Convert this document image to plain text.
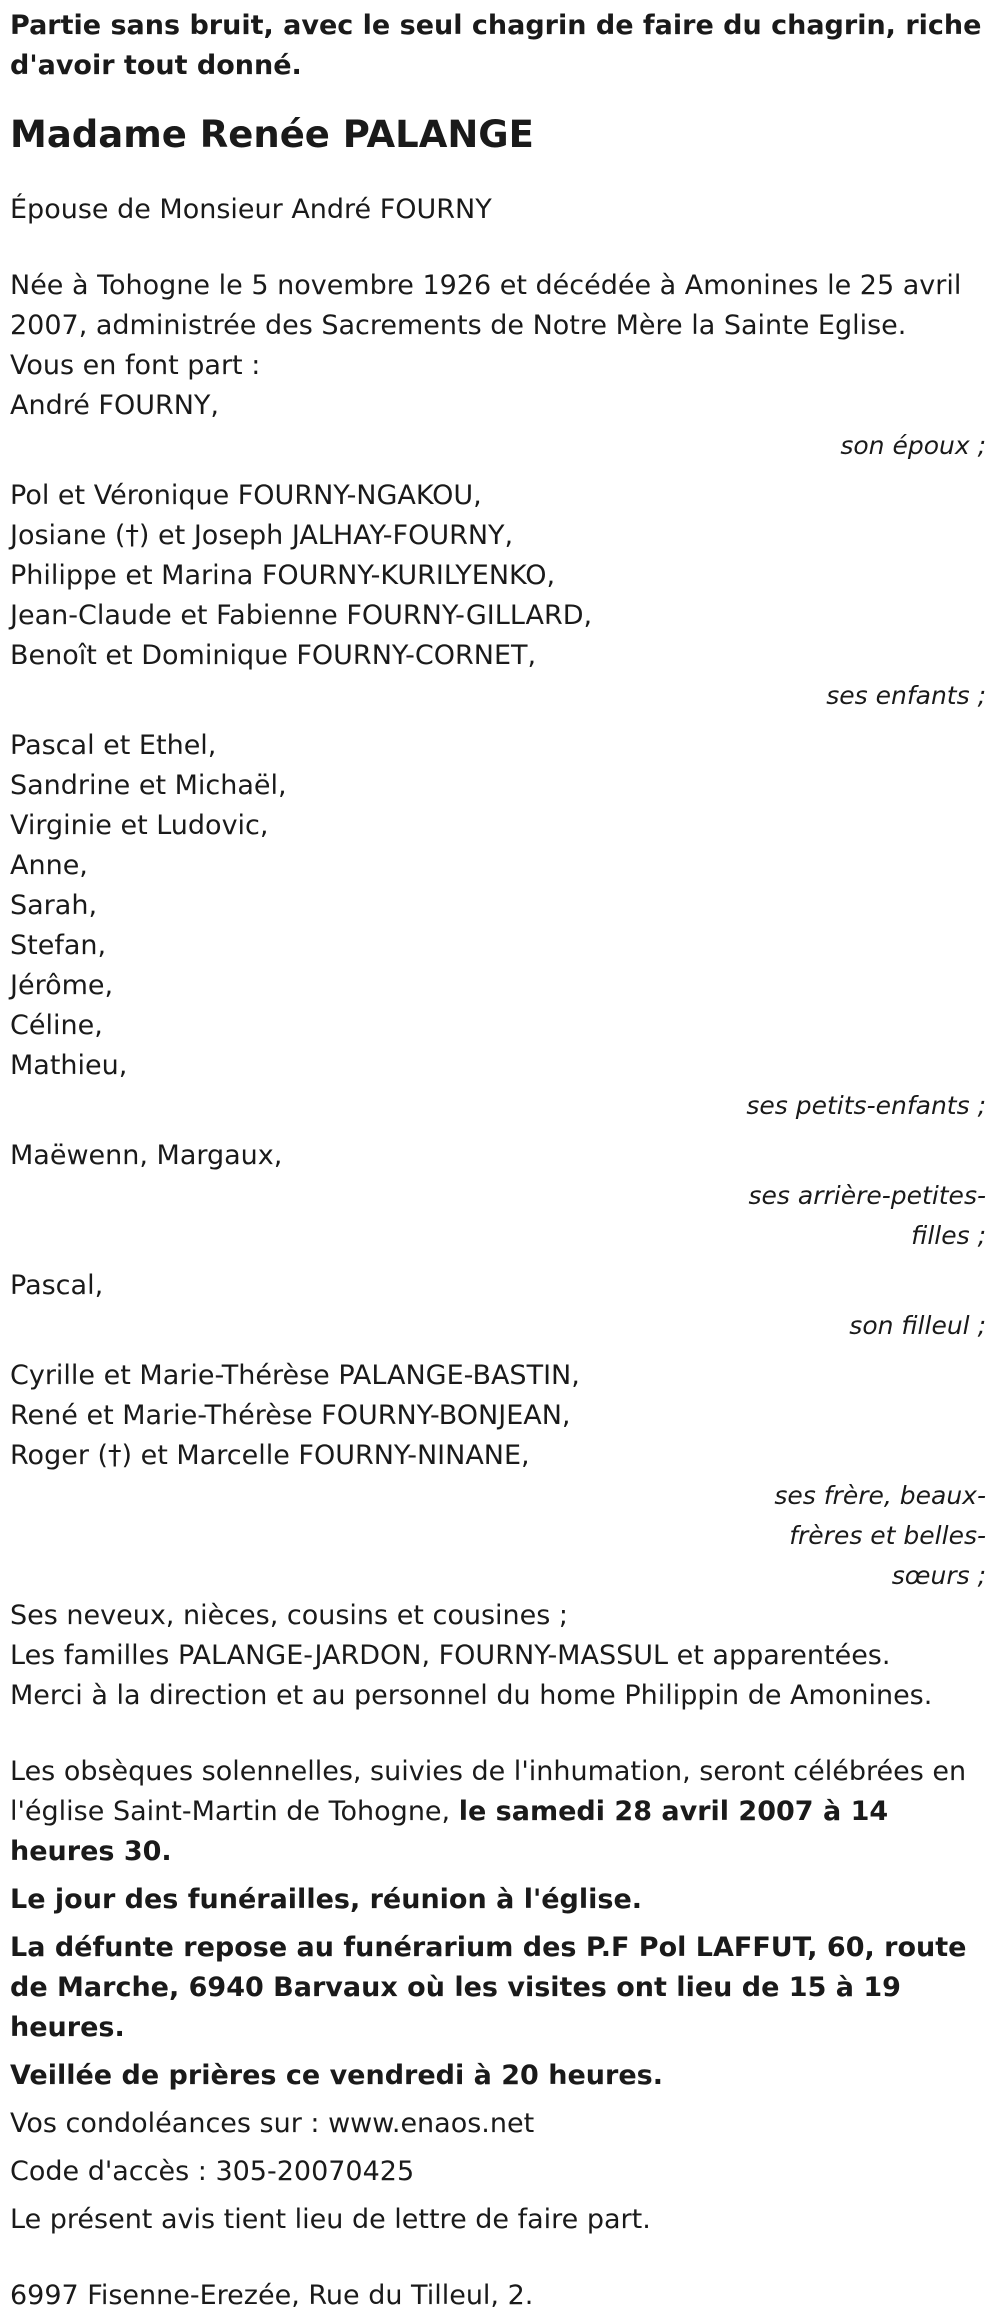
Partie sans bruit, avec le seul chagrin de faire du chagrin, riche d'avoir tout donné.

Madame Renée PALANGE

Épouse de Monsieur André FOURNY

Née à Tohogne le 5 novembre 1926 et décédée à Amonines le 25 avril 2007, administrée des Sacrements de Notre Mère la Sainte Eglise.

Vous en font part :

André FOURNY,

son époux ;

Pol et Véronique FOURNY-NGAKOU,

Josiane (†) et Joseph JALHAY-FOURNY,

Philippe et Marina FOURNY-KURILYENKO,

Jean-Claude et Fabienne FOURNY-GILLARD,

Benoît et Dominique FOURNY-CORNET,

ses enfants ;

Pascal et Ethel,

Sandrine et Michaël,

Virginie et Ludovic,

Anne,

Sarah,

Stefan,

Jérôme,

Céline,

Mathieu,

ses petits-enfants ;

Maëwenn, Margaux,

ses arrière-petites-filles ;

Pascal,

son filleul ;

Cyrille et Marie-Thérèse PALANGE-BASTIN,

René et Marie-Thérèse FOURNY-BONJEAN,

Roger (†) et Marcelle FOURNY-NINANE,

ses frère, beaux-frères et belles-sœurs ;

Ses neveux, nièces, cousins et cousines ;

Les familles PALANGE-JARDON, FOURNY-MASSUL et apparentées.

Merci à la direction et au personnel du home Philippin de Amonines.

Les obsèques solennelles, suivies de l'inhumation, seront célébrées en l'église Saint-Martin de Tohogne, le samedi 28 avril 2007 à 14 heures 30.

Le jour des funérailles, réunion à l'église.

La défunte repose au funérarium des P.F Pol LAFFUT, 60, route de Marche, 6940 Barvaux où les visites ont lieu de 15 à 19 heures.

Veillée de prières ce vendredi à 20 heures.

Vos condoléances sur : www.enaos.net

Code d'accès : 305-20070425

Le présent avis tient lieu de lettre de faire part.

6997 Fisenne-Erezée, Rue du Tilleul, 2.
